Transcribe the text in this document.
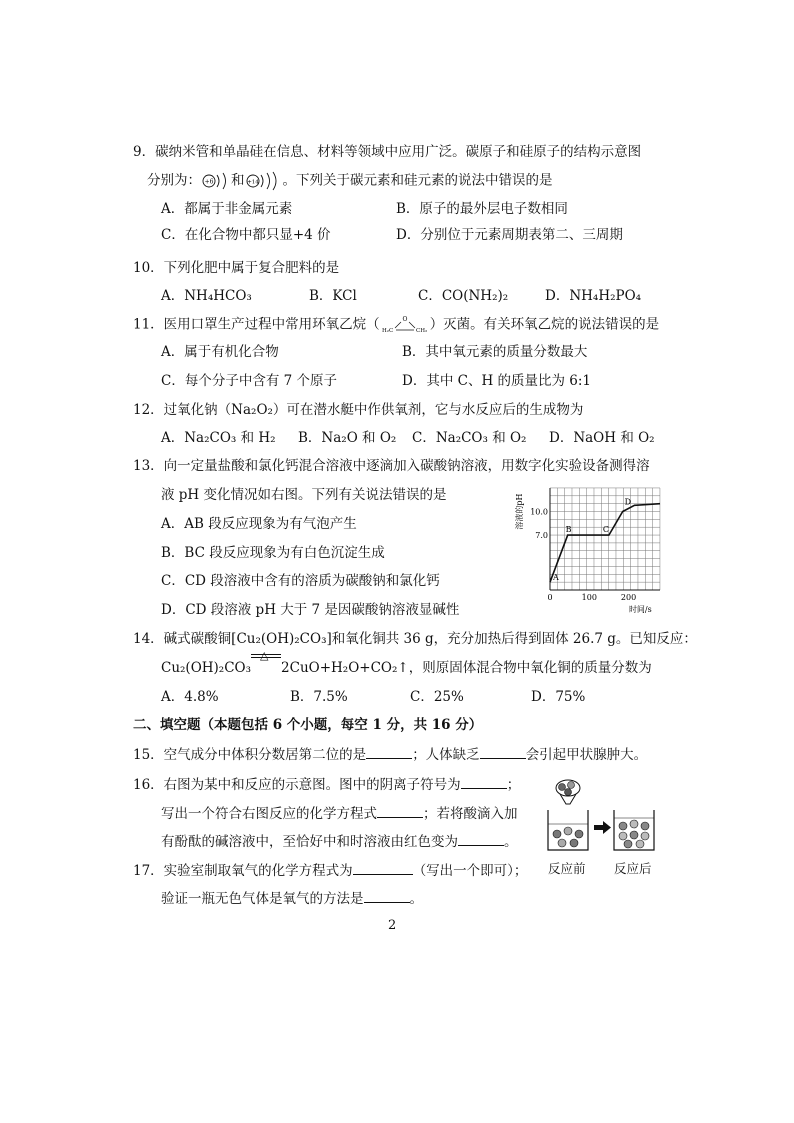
9．碳纳米管和单晶硅在信息、材料等领域中应用广泛。碳原子和硅原子的结构示意图
分别为： +6 和 +14 。下列关于碳元素和硅元素的说法中错误的是
A．都属于非金属元素	B．原子的最外层电子数相同
C．在化合物中都只显+4 价	D．分别位于元素周期表第二、三周期
10．下列化肥中属于复合肥料的是
A．NH₄HCO₃	B．KCl	C．CO(NH₂)₂	D．NH₄H₂PO₄
11．医用口罩生产过程中常用环氧乙烷（	O
H₂C	CH₂ ）灭菌。有关环氧乙烷的说法错误的是
A．属于有机化合物	B．其中氧元素的质量分数最大
C．每个分子中含有 7 个原子	D．其中 C、H 的质量比为 6:1
12．过氧化钠（Na₂O₂）可在潜水艇中作供氧剂，它与水反应后的生成物为
A．Na₂CO₃ 和 H₂ B．Na₂O 和 O₂ C．Na₂CO₃ 和 O₂ D．NaOH 和 O₂
13．向一定量盐酸和氯化钙混合溶液中逐滴加入碳酸钠溶液，用数字化实验设备测得溶
液 pH 变化情况如右图。下列有关说法错误的是
A．AB 段反应现象为有气泡产生
B．BC 段反应现象为有白色沉淀生成
C．CD 段溶液中含有的溶质为碳酸钠和氯化钙
D．CD 段溶液 pH 大于 7 是因碳酸钠溶液显碱性
0	100	200
7.0
10.0
时间/s
溶液的pH
A
B	C
D
14．碱式碳酸铜[Cu₂(OH)₂CO₃]和氧化铜共 36 g，充分加热后得到固体 26.7 g。已知反应：
Cu₂(OH)₂CO₃
△
2CuO+H₂O+CO₂↑，则原固体混合物中氧化铜的质量分数为
A．4.8%	B．7.5%	C．25%	D．75%
二、填空题（本题包括 6 个小题，每空 1 分，共 16 分）
15．空气成分中体积分数居第二位的是	；人体缺乏	会引起甲状腺肿大。
16．右图为某中和反应的示意图。图中的阴离子符号为	；
写出一个符合右图反应的化学方程式	；若将酸滴入加
有酚酞的碱溶液中，至恰好中和时溶液由红色变为	。
反应前 反应后
17．实验室制取氧气的化学方程式为	（写出一个即可）；
验证一瓶无色气体是氧气的方法是	。
2
